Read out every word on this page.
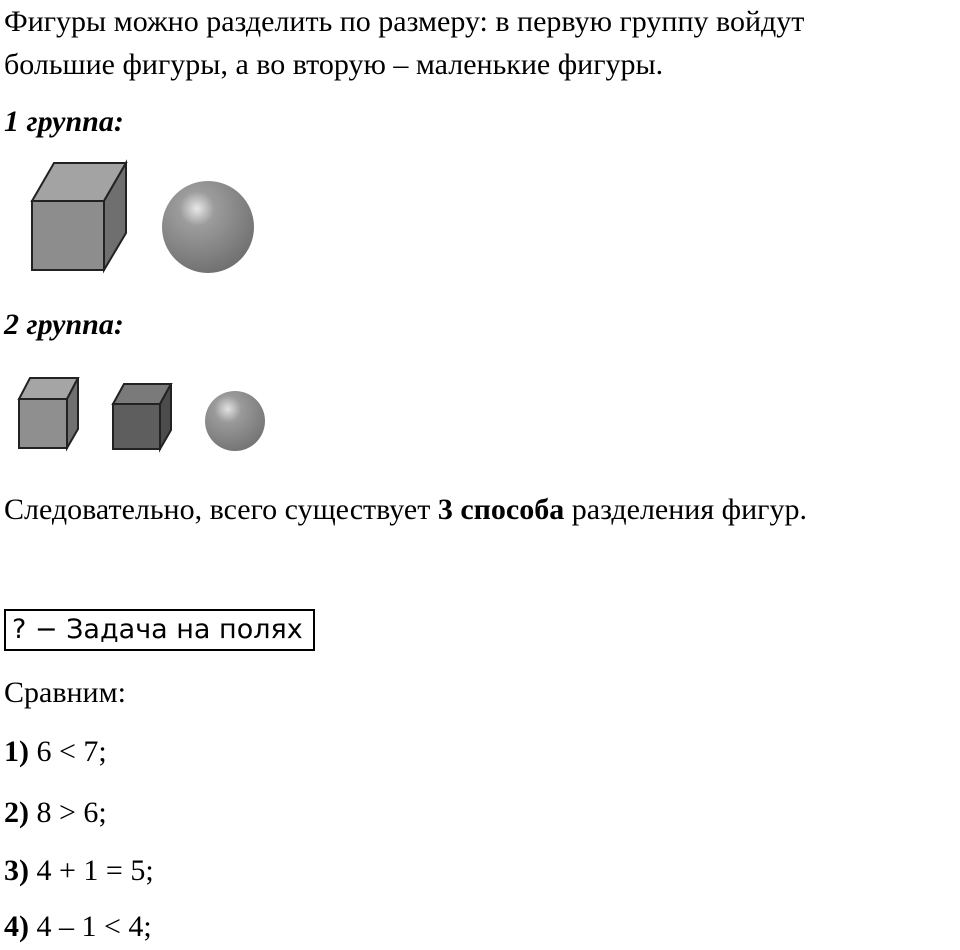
Фигуры можно разделить по размеру: в первую группу войдут

большие фигуры, а во вторую – маленькие фигуры.

1 группа:
2 группа:

Следовательно, всего существует 3 способа разделения фигур.

? − Задача на полях
Сравним:
1) 6 < 7;
2) 8 > 6;
3) 4 + 1 = 5;
4) 4 – 1 < 4;
